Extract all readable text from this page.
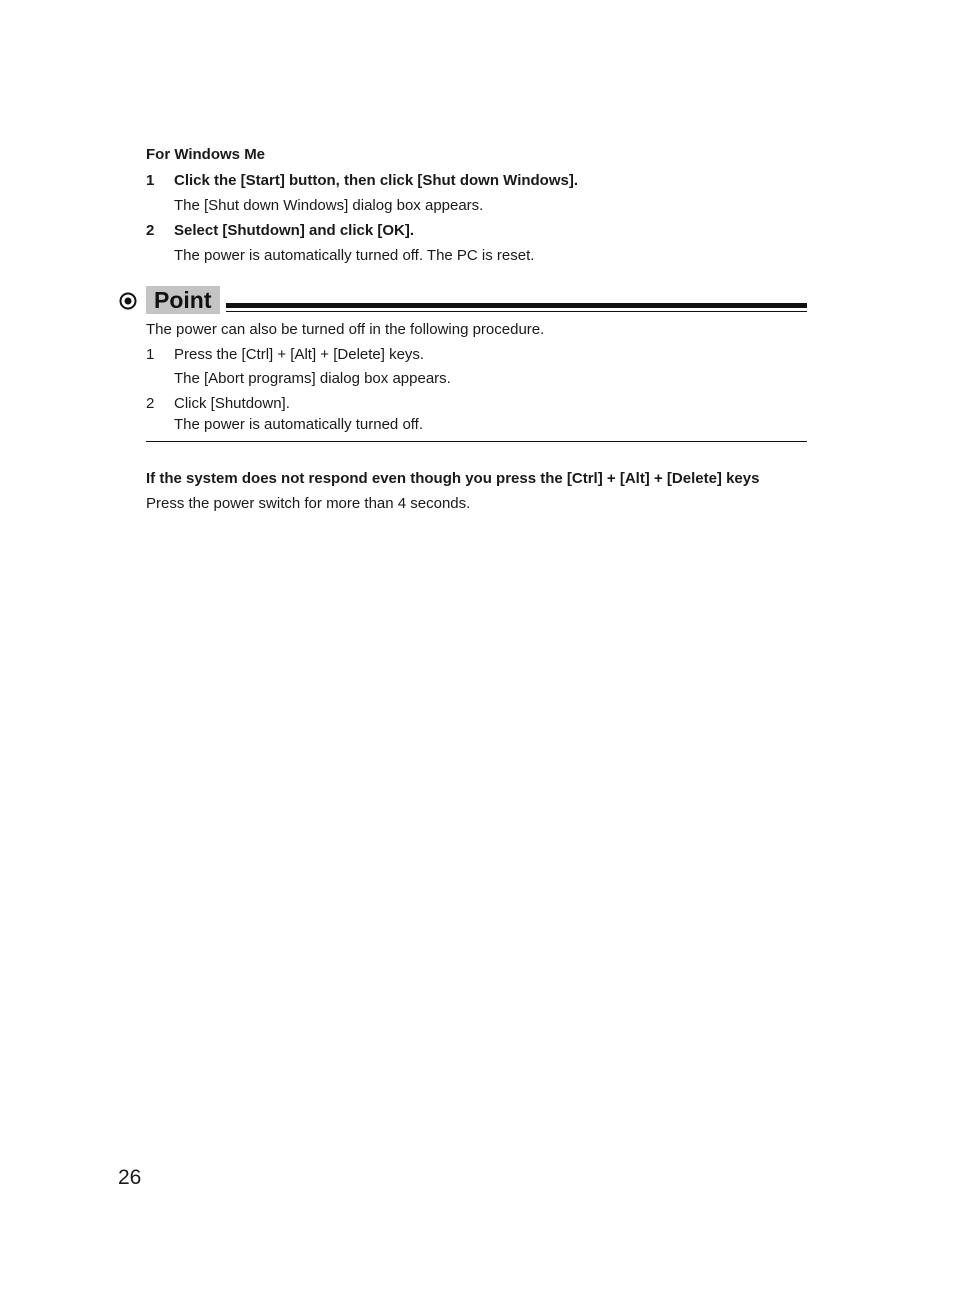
For Windows Me
1 Click the [Start] button, then click [Shut down Windows].
The [Shut down Windows] dialog box appears.
2 Select [Shutdown] and click [OK].
The power is automatically turned off. The PC is reset.
Point
The power can also be turned off in the following procedure.
1 Press the [Ctrl] + [Alt] + [Delete] keys.
The [Abort programs] dialog box appears.
2 Click [Shutdown].
The power is automatically turned off.
If the system does not respond even though you press the [Ctrl] + [Alt] + [Delete] keys
Press the power switch for more than 4 seconds.
26
